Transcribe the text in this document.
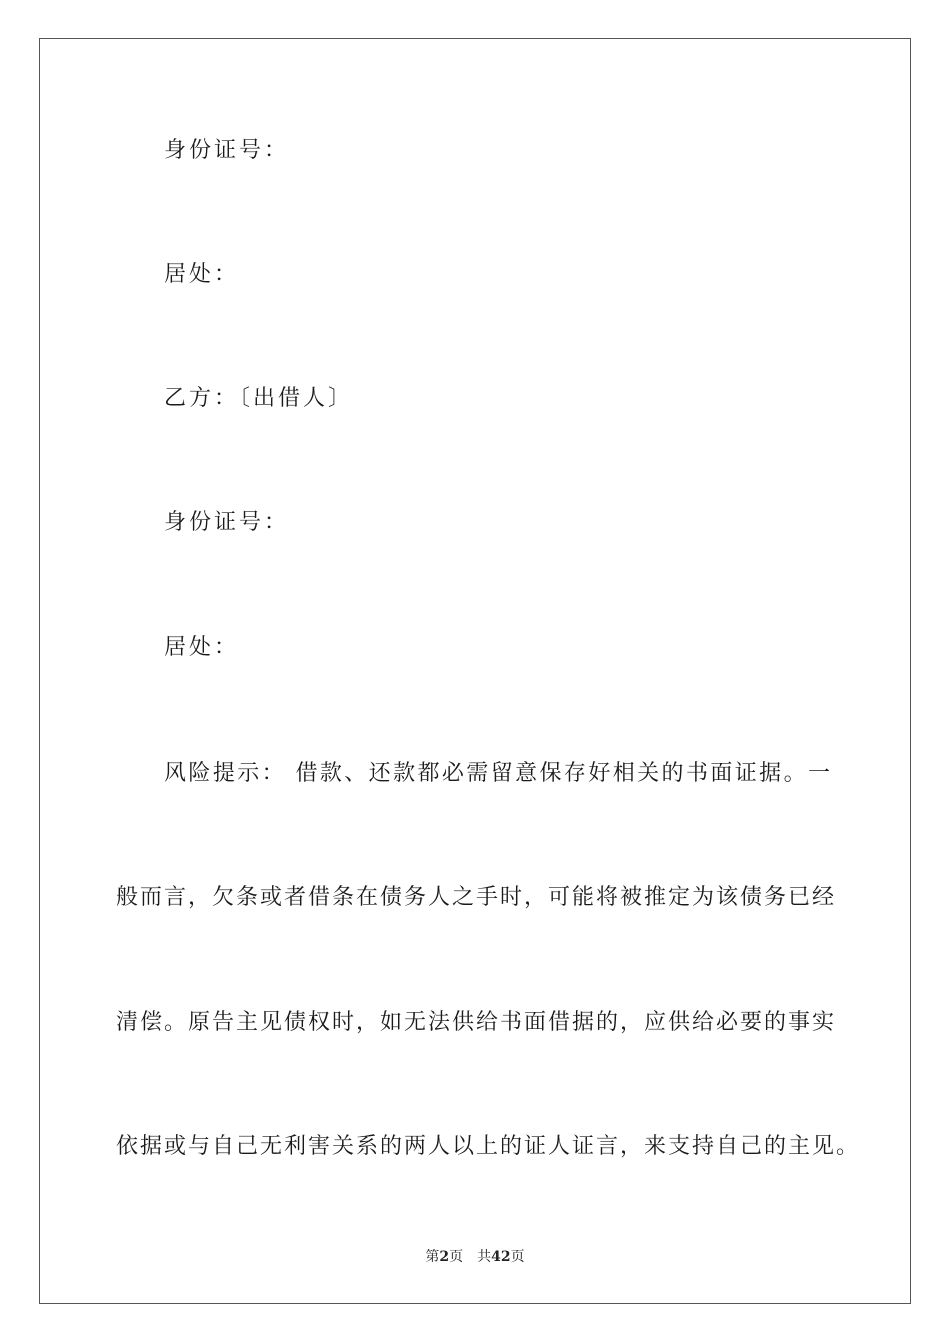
身份证号：
居处：
乙方：〔出借人〕
身份证号：
居处：
风险提示： 借款、还款都必需留意保存好相关的书面证据。一
般而言，欠条或者借条在债务人之手时，可能将被推定为该债务已经
清偿。原告主见债权时，如无法供给书面借据的，应供给必要的事实
依据或与自己无利害关系的两人以上的证人证言，来支持自己的主见。
第2页 共42页
